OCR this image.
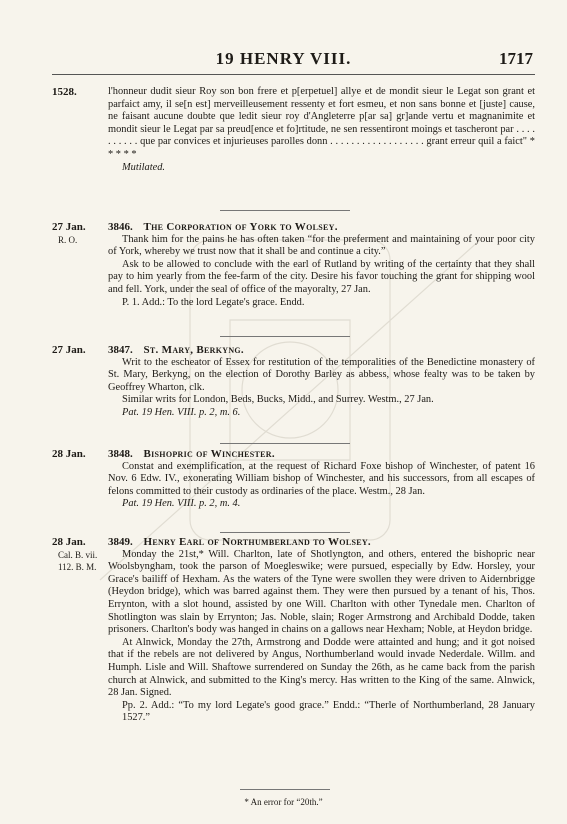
19 HENRY VIII.	1717
1528.	l'honneur dudit sieur Roy son bon frere et p[erpetuel] allye et de mondit sieur le Legat son grant et parfaict amy, il se[n est] merveilleusement ressenty et fort esmeu, et non sans bonne et [juste] cause, ne faisant aucune doubte que ledit sieur roy d'Angleterre p[ar sa] gr]ande vertu et magnanimite et mondit sieur le Legat par sa preud[ence et fo]rtitude, ne sen ressentiront moings et tascheront par . . . . . . . . . . que par convices et injurieuses parolles donn . . . . . . . . . . . . . . . . . . grant erreur quil a faict" * * * * *

Mutilated.

27 Jan.
R. O.
3846. The Corporation of York to Wolsey.

Thank him for the pains he has often taken “for the preferment and maintaining of your poor city of York, whereby we trust now that it shall be and continue a city.”

Ask to be allowed to conclude with the earl of Rutland by writing of the certainty that they shall pay to him yearly from the fee-farm of the city. Desire his favor touching the grant for shipping wool and fell. York, under the seal of office of the mayoralty, 27 Jan.

P. 1. Add.: To the lord Legate's grace. Endd.

27 Jan.	3847. St. Mary, Berkyng.

Writ to the escheator of Essex for restitution of the temporalities of the Benedictine monastery of St. Mary, Berkyng, on the election of Dorothy Barley as abbess, whose fealty was to be taken by Geoffrey Wharton, clk.

Similar writs for London, Beds, Bucks, Midd., and Surrey. Westm., 27 Jan.

Pat. 19 Hen. VIII. p. 2, m. 6.

28 Jan.	3848. Bishopric of Winchester.

Constat and exemplification, at the request of Richard Foxe bishop of Winchester, of patent 16 Nov. 6 Edw. IV., exonerating William bishop of Winchester, and his successors, from all escapes of felons committed to their custody as ordinaries of the place. Westm., 28 Jan.

Pat. 19 Hen. VIII. p. 2, m. 4.

28 Jan.
Cal. B. vii. 112. B. M.
3849. Henry Earl of Northumberland to Wolsey.

Monday the 21st,* Will. Charlton, late of Shotlyngton, and others, entered the bishopric near Woolsbyngham, took the parson of Moegleswike; were pursued, especially by Edw. Horsley, your Grace's bailiff of Hexham. As the waters of the Tyne were swollen they were driven to Aidernbrigge (Heydon bridge), which was barred against them. They were then pursued by a tenant of his, Thos. Errynton, with a slot hound, assisted by one Will. Charlton with other Tynedale men. Charlton of Shotlington was slain by Errynton; Jas. Noble, slain; Roger Armstrong and Archibald Dodde, taken prisoners. Charlton's body was hanged in chains on a gallows near Hexham; Noble, at Heydon bridge.

At Alnwick, Monday the 27th, Armstrong and Dodde were attainted and hung; and it got noised that if the rebels are not delivered by Angus, Northumberland would invade Nederdale. Willm. and Humph. Lisle and Will. Shaftowe surrendered on Sunday the 26th, as he came back from the parish church at Alnwick, and submitted to the King's mercy. Has written to the King of the same. Alnwick, 28 Jan. Signed.

Pp. 2. Add.: “To my lord Legate's good grace.” Endd.: “Therle of Northumberland, 28 January 1527.”

* An error for “20th.”
